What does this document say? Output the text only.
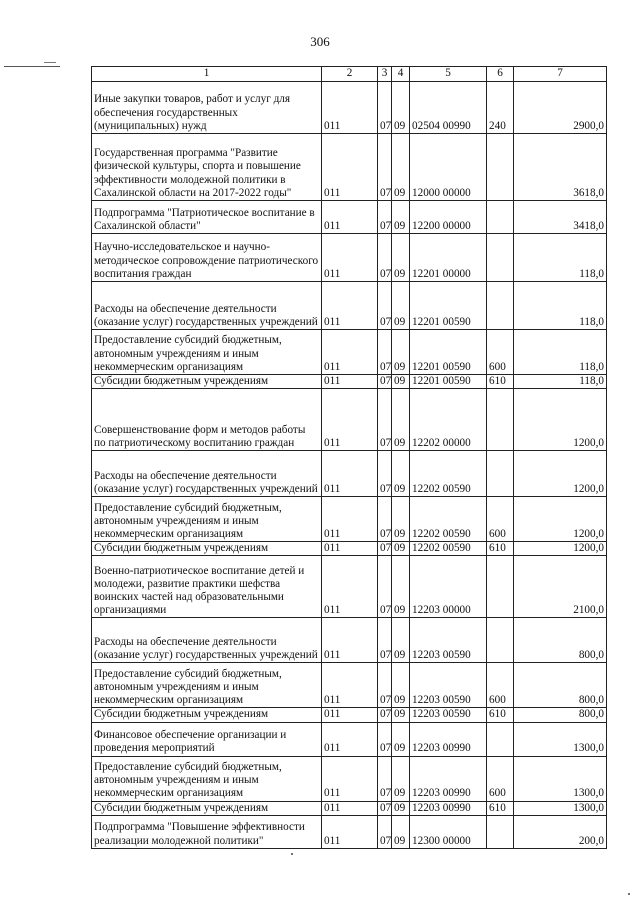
306
1	2	3	4	5	6	7
Иные закупки товаров, работ и услуг для обеспечения государственных (муниципальных) нужд	011	07	09	02504 00990	240	2900,0
Государственная программа "Развитие физической культуры, спорта и повышение эффективности молодежной политики в Сахалинской области на 2017-2022 годы"	011	07	09	12000 00000		3618,0
Подпрограмма "Патриотическое воспитание в Сахалинской области"	011	07	09	12200 00000		3418,0
Научно-исследовательское и научно-методическое сопровождение патриотического воспитания граждан	011	07	09	12201 00000		118,0
Расходы на обеспечение деятельности (оказание услуг) государственных учреждений	011	07	09	12201 00590		118,0
Предоставление субсидий бюджетным, автономным учреждениям и иным некоммерческим организациям	011	07	09	12201 00590	600	118,0
Субсидии бюджетным учреждениям	011	07	09	12201 00590	610	118,0
Совершенствование форм и методов работы по патриотическому воспитанию граждан	011	07	09	12202 00000		1200,0
Расходы на обеспечение деятельности (оказание услуг) государственных учреждений	011	07	09	12202 00590		1200,0
Предоставление субсидий бюджетным, автономным учреждениям и иным некоммерческим организациям	011	07	09	12202 00590	600	1200,0
Субсидии бюджетным учреждениям	011	07	09	12202 00590	610	1200,0
Военно-патриотическое воспитание детей и молодежи, развитие практики шефства воинских частей над образовательными организациями	011	07	09	12203 00000		2100,0
Расходы на обеспечение деятельности (оказание услуг) государственных учреждений	011	07	09	12203 00590		800,0
Предоставление субсидий бюджетным, автономным учреждениям и иным некоммерческим организациям	011	07	09	12203 00590	600	800,0
Субсидии бюджетным учреждениям	011	07	09	12203 00590	610	800,0
Финансовое обеспечение организации и проведения мероприятий	011	07	09	12203 00990		1300,0
Предоставление субсидий бюджетным, автономным учреждениям и иным некоммерческим организациям	011	07	09	12203 00990	600	1300,0
Субсидии бюджетным учреждениям	011	07	09	12203 00990	610	1300,0
Подпрограмма "Повышение эффективности реализации молодежной политики"	011	07	09	12300 00000		200,0
